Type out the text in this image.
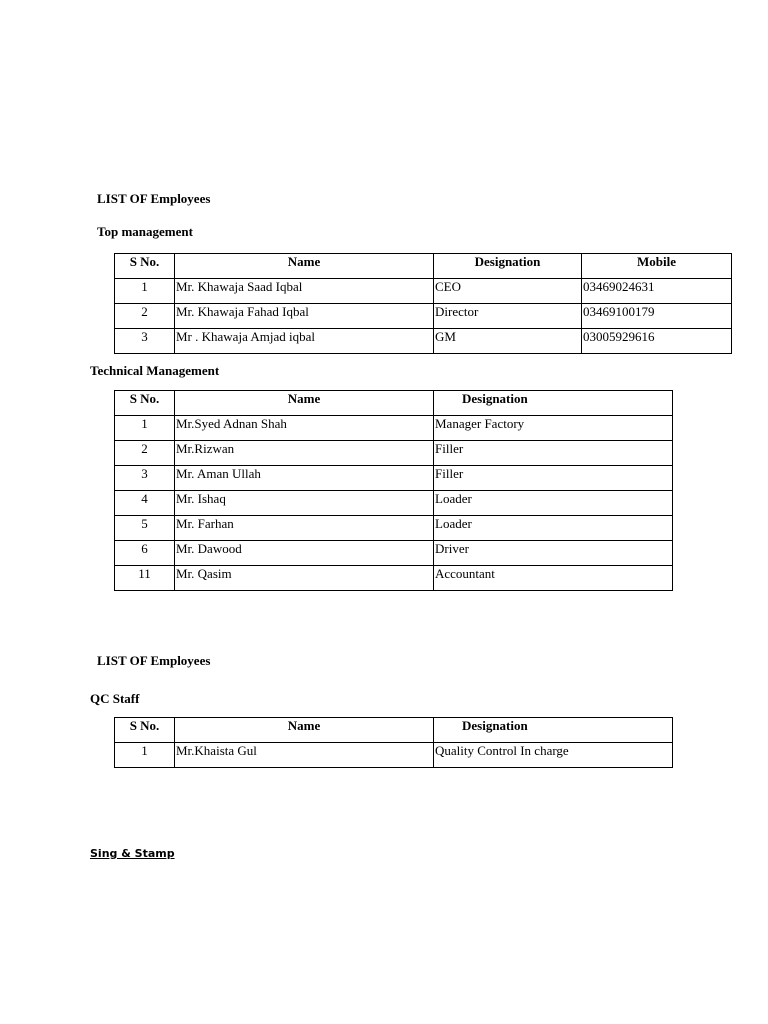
LIST OF Employees
Top management
S No.	Name	Designation	Mobile

1	Mr. Khawaja Saad Iqbal	CEO	03469024631

2	Mr. Khawaja Fahad Iqbal	Director	03469100179

3	Mr . Khawaja Amjad iqbal	GM	03005929616
Technical Management
S No.	Name	Designation

1	Mr.Syed Adnan Shah	Manager Factory

2	Mr.Rizwan	Filler

3	Mr. Aman Ullah	Filler

4	Mr. Ishaq	Loader

5	Mr. Farhan	Loader

6	Mr. Dawood	Driver

11	Mr. Qasim	Accountant
LIST OF Employees
QC Staff
S No.	Name	Designation

1	Mr.Khaista Gul	Quality Control In charge
Sing & Stamp
